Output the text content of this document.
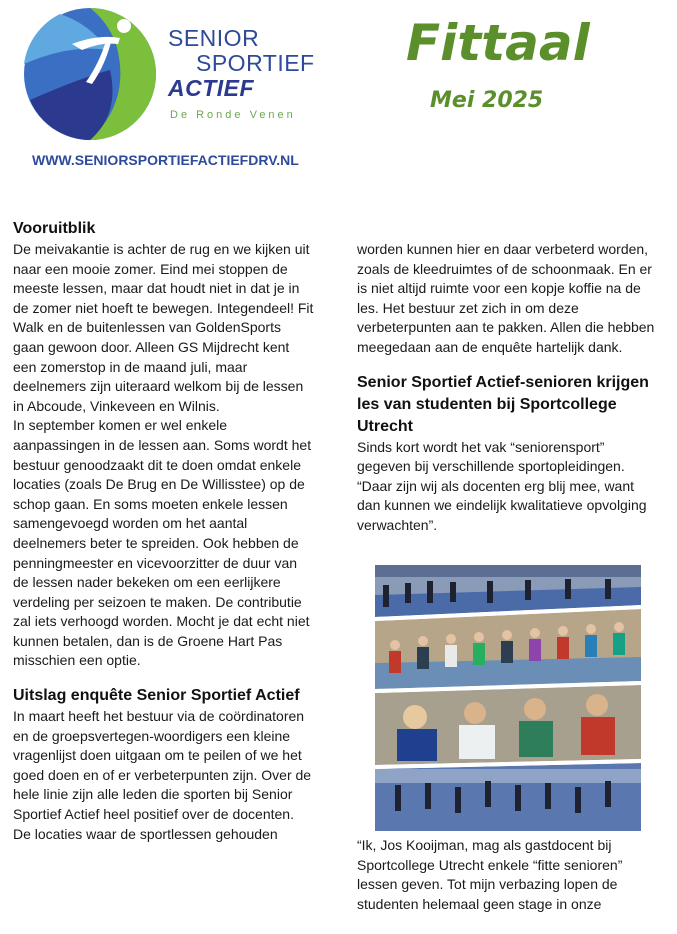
SENIOR
SPORTIEF
ACTIEF
De Ronde Venen
WWW.SENIORSPORTIEFACTIEFDRV.NL
Fittaal
Mei 2025
Vooruitblik

De meivakantie is achter de rug en we kijken uit naar een mooie zomer. Eind mei stoppen de meeste lessen, maar dat houdt niet in dat je in de zomer niet hoeft te bewegen. Integendeel! Fit Walk en de buitenlessen van GoldenSports gaan gewoon door. Alleen GS Mijdrecht kent een zomerstop in de maand juli, maar deelnemers zijn uiteraard welkom bij de lessen in Abcoude, Vinkeveen en Wilnis.

In september komen er wel enkele aanpassingen in de lessen aan. Soms wordt het bestuur genoodzaakt dit te doen omdat enkele locaties (zoals De Brug en De Willisstee) op de schop gaan. En soms moeten enkele lessen samengevoegd worden om het aantal deelnemers beter te spreiden. Ook hebben de penningmeester en vicevoorzitter de duur van de lessen nader bekeken om een eerlijkere verdeling per seizoen te maken. De contributie zal iets verhoogd worden. Mocht je dat echt niet kunnen betalen, dan is de Groene Hart Pas misschien een optie.

Uitslag enquête Senior Sportief Actief

In maart heeft het bestuur via de coördinatoren en de groepsvertegen-woordigers een kleine vragenlijst doen uitgaan om te peilen of we het goed doen en of er verbeterpunten zijn. Over de hele linie zijn alle leden die sporten bij Senior Sportief Actief heel positief over de docenten. De locaties waar de sportlessen gehouden

worden kunnen hier en daar verbeterd worden, zoals de kleedruimtes of de schoonmaak. En er is niet altijd ruimte voor een kopje koffie na de les. Het bestuur zet zich in om deze verbeterpunten aan te pakken. Allen die hebben meegedaan aan de enquête hartelijk dank.

Senior Sportief Actief-senioren krijgen les van studenten bij Sportcollege Utrecht

Sinds kort wordt het vak “seniorensport” gegeven bij verschillende sportopleidingen. “Daar zijn wij als docenten erg blij mee, want dan kunnen we eindelijk kwalitatieve opvolging verwachten”.

“Ik, Jos Kooijman, mag als gastdocent bij Sportcollege Utrecht enkele “fitte senioren” lessen geven. Tot mijn verbazing lopen de studenten helemaal geen stage in onze
